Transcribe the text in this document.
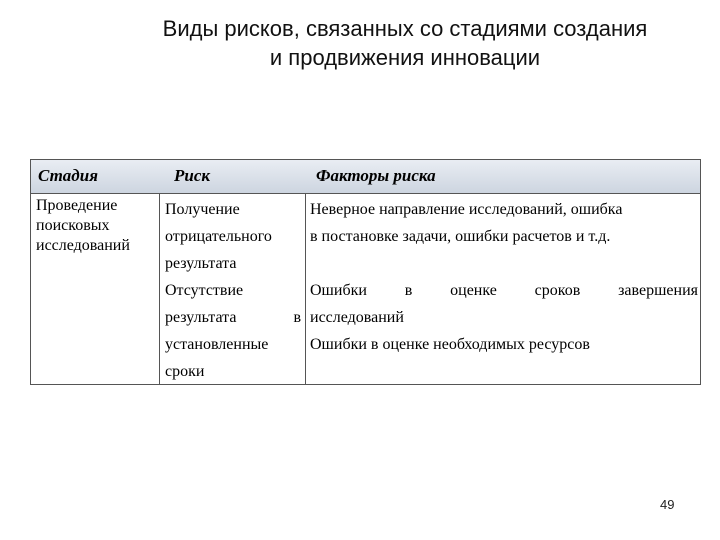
Виды рисков, связанных со стадиями создания
и продвижения инновации
Стадия	Риск	Факторы риска
Проведение
поисковых
исследований
Получение
отрицательного
результата
Отсутствие
результата в
установленные
сроки
Неверное направление исследований, ошибка
в постановке задачи, ошибки расчетов и т.д.
Ошибки в оценке сроков завершения
исследований
Ошибки в оценке необходимых ресурсов
49
